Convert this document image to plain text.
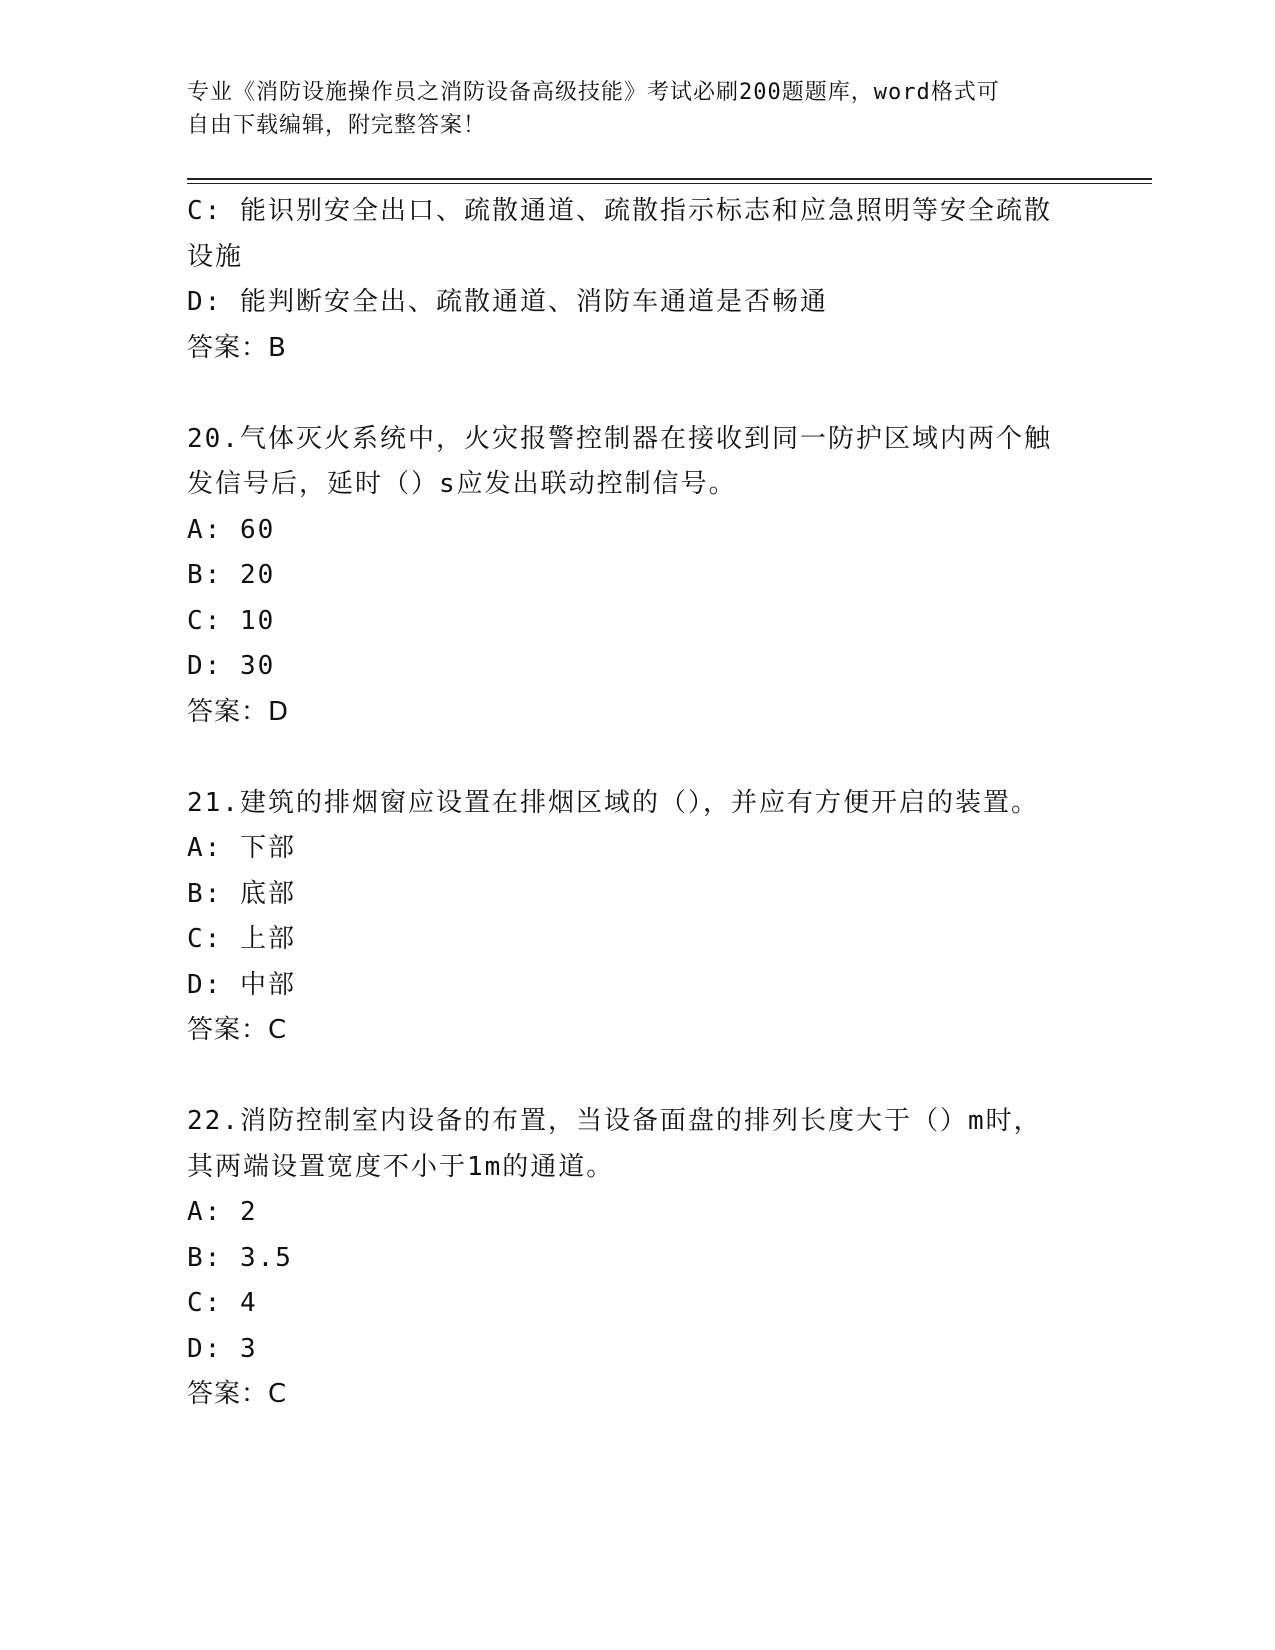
专业《消防设施操作员之消防设备高级技能》考试必刷200题题库，word格式可
自由下载编辑，附完整答案！
C: 能识别安全出口、疏散通道、疏散指示标志和应急照明等安全疏散
设施
D: 能判断安全出、疏散通道、消防车通道是否畅通
答案：B
20.气体灭火系统中，火灾报警控制器在接收到同一防护区域内两个触
发信号后，延时（）s应发出联动控制信号。
A: 60
B: 20
C: 10
D: 30
答案：D
21.建筑的排烟窗应设置在排烟区域的（），并应有方便开启的装置。
A: 下部
B: 底部
C: 上部
D: 中部
答案：C
22.消防控制室内设备的布置，当设备面盘的排列长度大于（）m时，
其两端设置宽度不小于1m的通道。
A: 2
B: 3.5
C: 4
D: 3
答案：C
